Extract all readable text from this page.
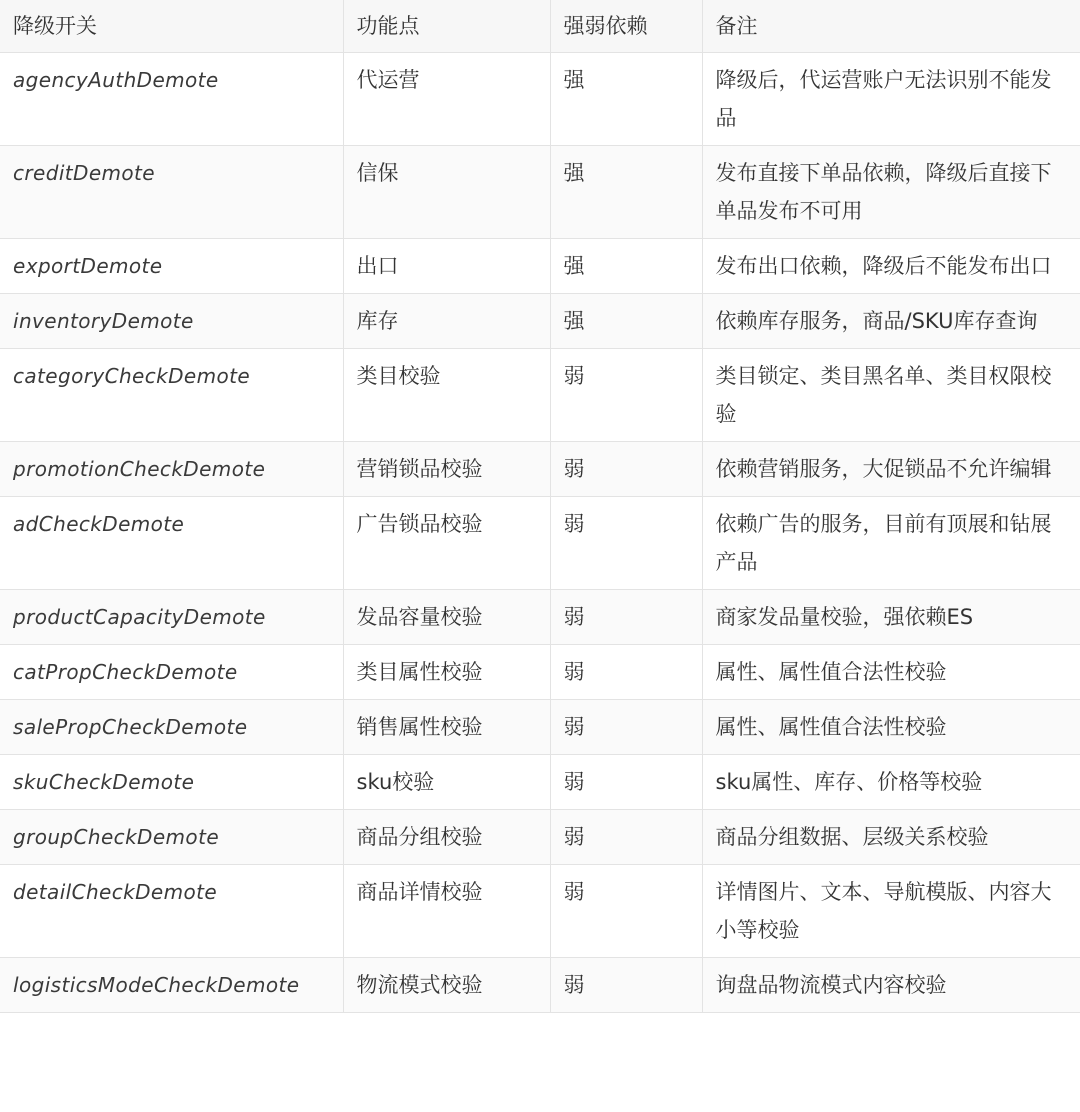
降级开关	功能点	强弱依赖	备注
agencyAuthDemote	代运营	强	降级后，代运营账户无法识别不能发品
creditDemote	信保	强	发布直接下单品依赖，降级后直接下单品发布不可用
exportDemote	出口	强	发布出口依赖，降级后不能发布出口
inventoryDemote	库存	强	依赖库存服务，商品/SKU库存查询
categoryCheckDemote	类目校验	弱	类目锁定、类目黑名单、类目权限校验
promotionCheckDemote	营销锁品校验	弱	依赖营销服务，大促锁品不允许编辑
adCheckDemote	广告锁品校验	弱	依赖广告的服务，目前有顶展和钻展产品
productCapacityDemote	发品容量校验	弱	商家发品量校验，强依赖ES
catPropCheckDemote	类目属性校验	弱	属性、属性值合法性校验
salePropCheckDemote	销售属性校验	弱	属性、属性值合法性校验
skuCheckDemote	sku校验	弱	sku属性、库存、价格等校验
groupCheckDemote	商品分组校验	弱	商品分组数据、层级关系校验
detailCheckDemote	商品详情校验	弱	详情图片、文本、导航模版、内容大小等校验
logisticsModeCheckDemote	物流模式校验	弱	询盘品物流模式内容校验
